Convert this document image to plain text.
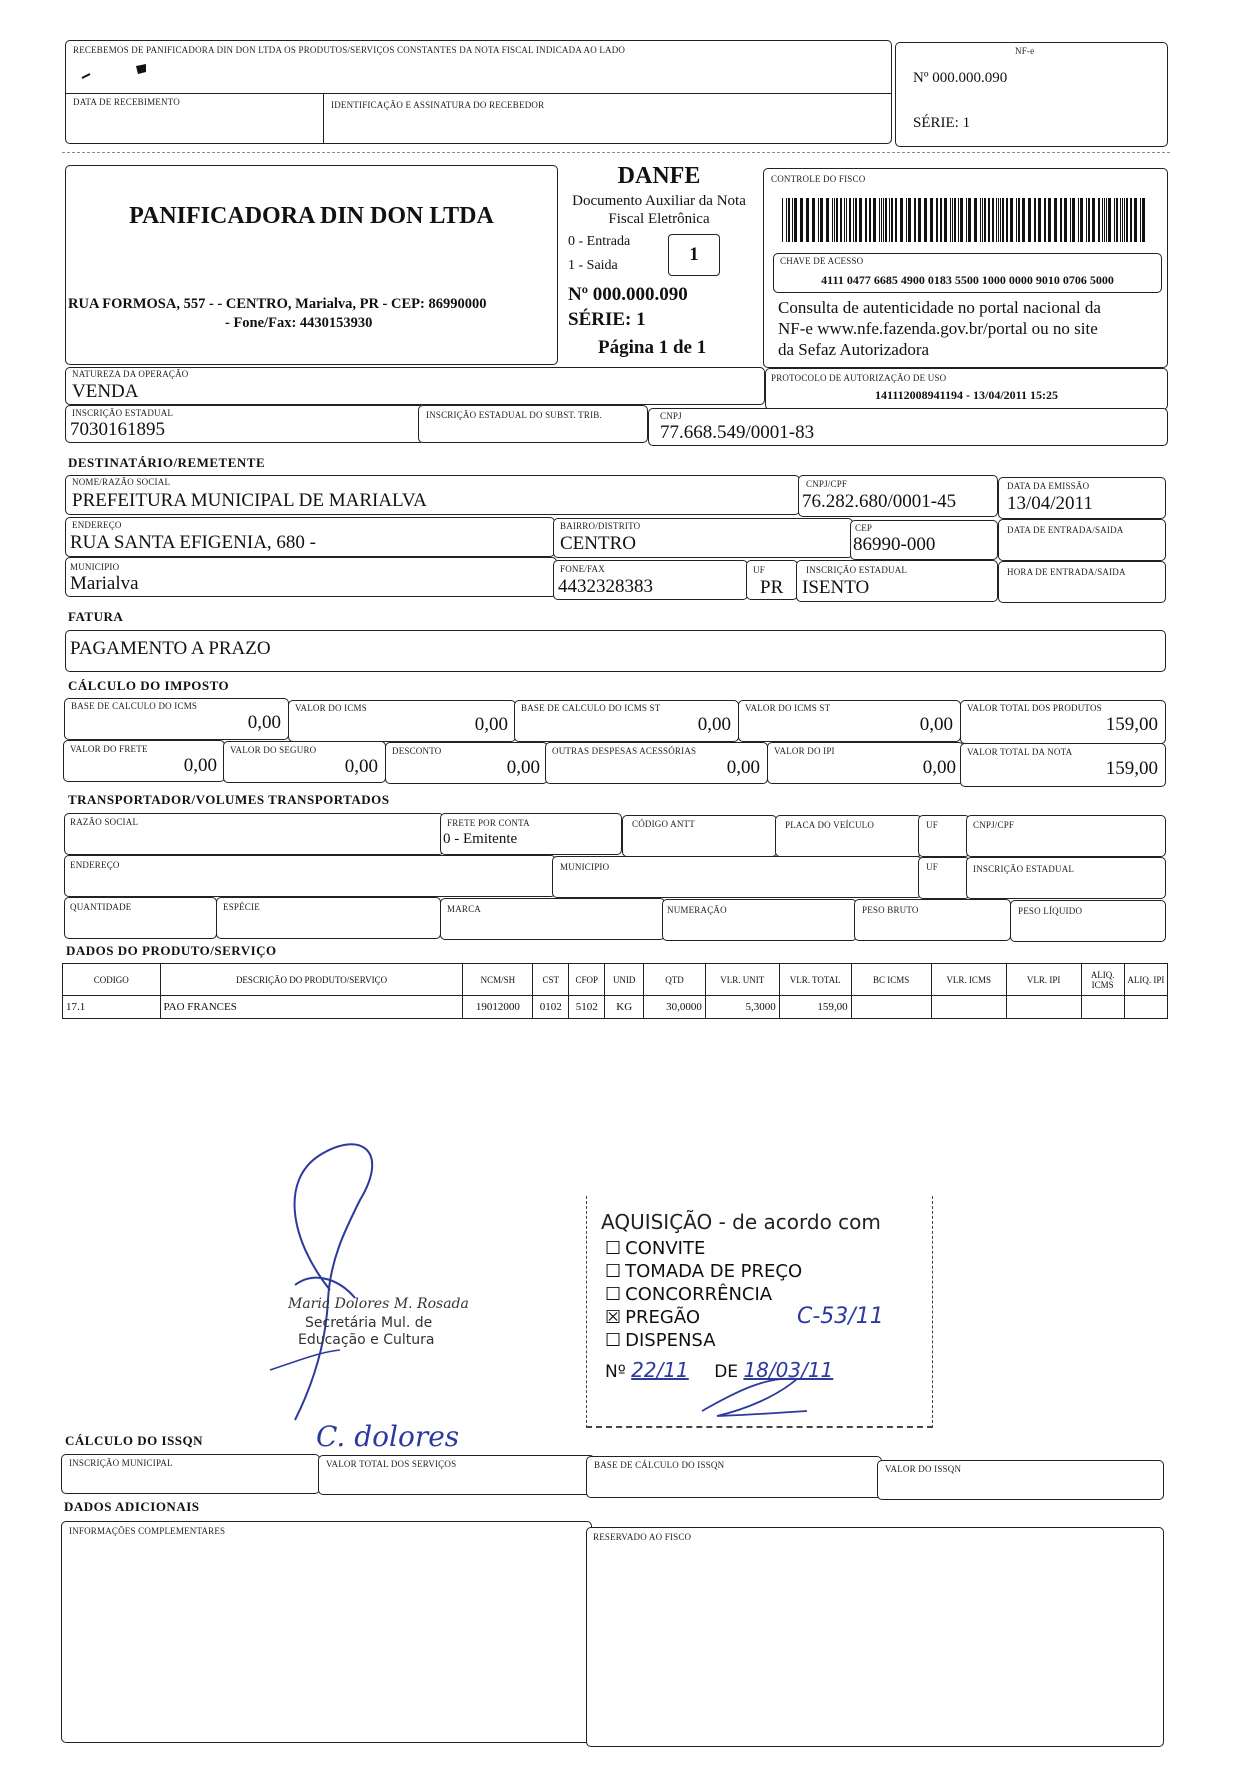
RECEBEMOS DE PANIFICADORA DIN DON LTDA OS PRODUTOS/SERVIÇOS CONSTANTES DA NOTA FISCAL INDICADA AO LADO
DATA DE RECEBIMENTO	IDENTIFICAÇÃO E ASSINATURA DO RECEBEDOR
NF-e
Nº 000.000.090
SÉRIE: 1
PANIFICADORA DIN DON LTDA
RUA FORMOSA, 557 - - CENTRO, Marialva, PR - CEP: 86990000
- Fone/Fax: 4430153930
DANFE
Documento Auxiliar da Nota
Fiscal Eletrônica
0 - Entrada
1 - Saida
1
Nº 000.000.090
SÉRIE: 1
Página 1 de 1
CONTROLE DO FISCO
CHAVE DE ACESSO
4111 0477 6685 4900 0183 5500 1000 0000 9010 0706 5000
Consulta de autenticidade no portal nacional da
NF-e www.nfe.fazenda.gov.br/portal ou no site
da Sefaz Autorizadora
NATUREZA DA OPERAÇÃO
VENDA
PROTOCOLO DE AUTORIZAÇÃO DE USO
141112008941194 - 13/04/2011 15:25
INSCRIÇÃO ESTADUAL
7030161895
INSCRIÇÃO ESTADUAL DO SUBST. TRIB.	CNPJ
77.668.549/0001-83
DESTINATÁRIO/REMETENTE
NOME/RAZÃO SOCIAL
PREFEITURA MUNICIPAL DE MARIALVA
CNPJ/CPF
76.282.680/0001-45
DATA DA EMISSÃO
13/04/2011
ENDEREÇO
RUA SANTA EFIGENIA, 680 -
BAIRRO/DISTRITO
CENTRO
CEP
86990-000
DATA DE ENTRADA/SAIDA
MUNICIPIO
Marialva
FONE/FAX
4432328383
UF
PR
INSCRIÇÃO ESTADUAL
ISENTO
HORA DE ENTRADA/SAIDA
FATURA
PAGAMENTO A PRAZO
CÁLCULO DO IMPOSTO
BASE DE CALCULO DO ICMS
0,00
VALOR DO ICMS
0,00
BASE DE CALCULO DO ICMS ST
0,00
VALOR DO ICMS ST
0,00
VALOR TOTAL DOS PRODUTOS
159,00
VALOR DO FRETE
0,00
VALOR DO SEGURO
0,00
DESCONTO
0,00
OUTRAS DESPESAS ACESSÓRIAS
0,00
VALOR DO IPI
0,00
VALOR TOTAL DA NOTA
159,00
TRANSPORTADOR/VOLUMES TRANSPORTADOS
RAZÃO SOCIAL	FRETE POR CONTA
0 - Emitente
CÓDIGO ANTT	PLACA DO VEÍCULO	UF	CNPJ/CPF
ENDEREÇO	MUNICIPIO	UF	INSCRIÇÃO ESTADUAL
QUANTIDADE	ESPÉCIE	MARCA	NUMERAÇÃO	PESO BRUTO	PESO LÍQUIDO
DADOS DO PRODUTO/SERVIÇO
CODIGO	DESCRIÇÃO DO PRODUTO/SERVIÇO	NCM/SH	CST	CFOP	UNID	QTD	VLR. UNIT	VLR. TOTAL	BC ICMS	VLR. ICMS	VLR. IPI	ALIQ. ICMS	ALIQ. IPI
17.1	PAO FRANCES	19012000	0102	5102	KG	30,0000	5,3000	159,00					
Maria Dolores M. Rosada
Secretária Mul. de
Educação e Cultura
C. dolores
AQUISIÇÃO - de acordo com
☐ CONVITE
☐ TOMADA DE PREÇO
☐ CONCORRÊNCIA
☒ PREGÃO
☐ DISPENSA
Nº 22/11 DE 18/03/11
C-53/11
CÁLCULO DO ISSQN
INSCRIÇÃO MUNICIPAL	VALOR TOTAL DOS SERVIÇOS	BASE DE CÁLCULO DO ISSQN	VALOR DO ISSQN
DADOS ADICIONAIS
INFORMAÇÕES COMPLEMENTARES
RESERVADO AO FISCO
